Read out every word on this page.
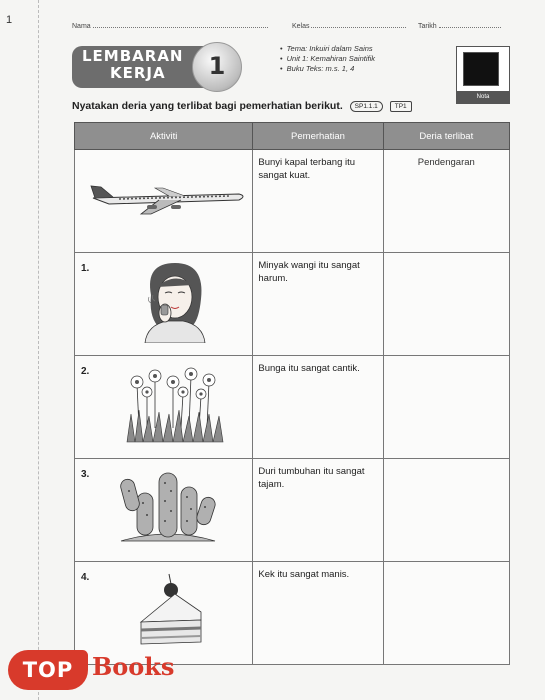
1
Nama	Kelas	Tarikh
LEMBARAN
KERJA	1
• Tema: Inkuiri dalam Sains
• Unit 1: Kemahiran Saintifik
• Buku Teks: m.s. 1, 4
Nota
Nyatakan deria yang terlibat bagi pemerhatian berikut. SP1.1.1	TP1
Aktiviti	Pemerhatian	Deria terlibat

	Bunyi kapal terbang itu sangat kuat.	Pendengaran

1.	Minyak wangi itu sangat harum.	

2.	Bunga itu sangat cantik.	

3.	Duri tumbuhan itu sangat tajam.	

4.	Kek itu sangat manis.	
TOP Books
